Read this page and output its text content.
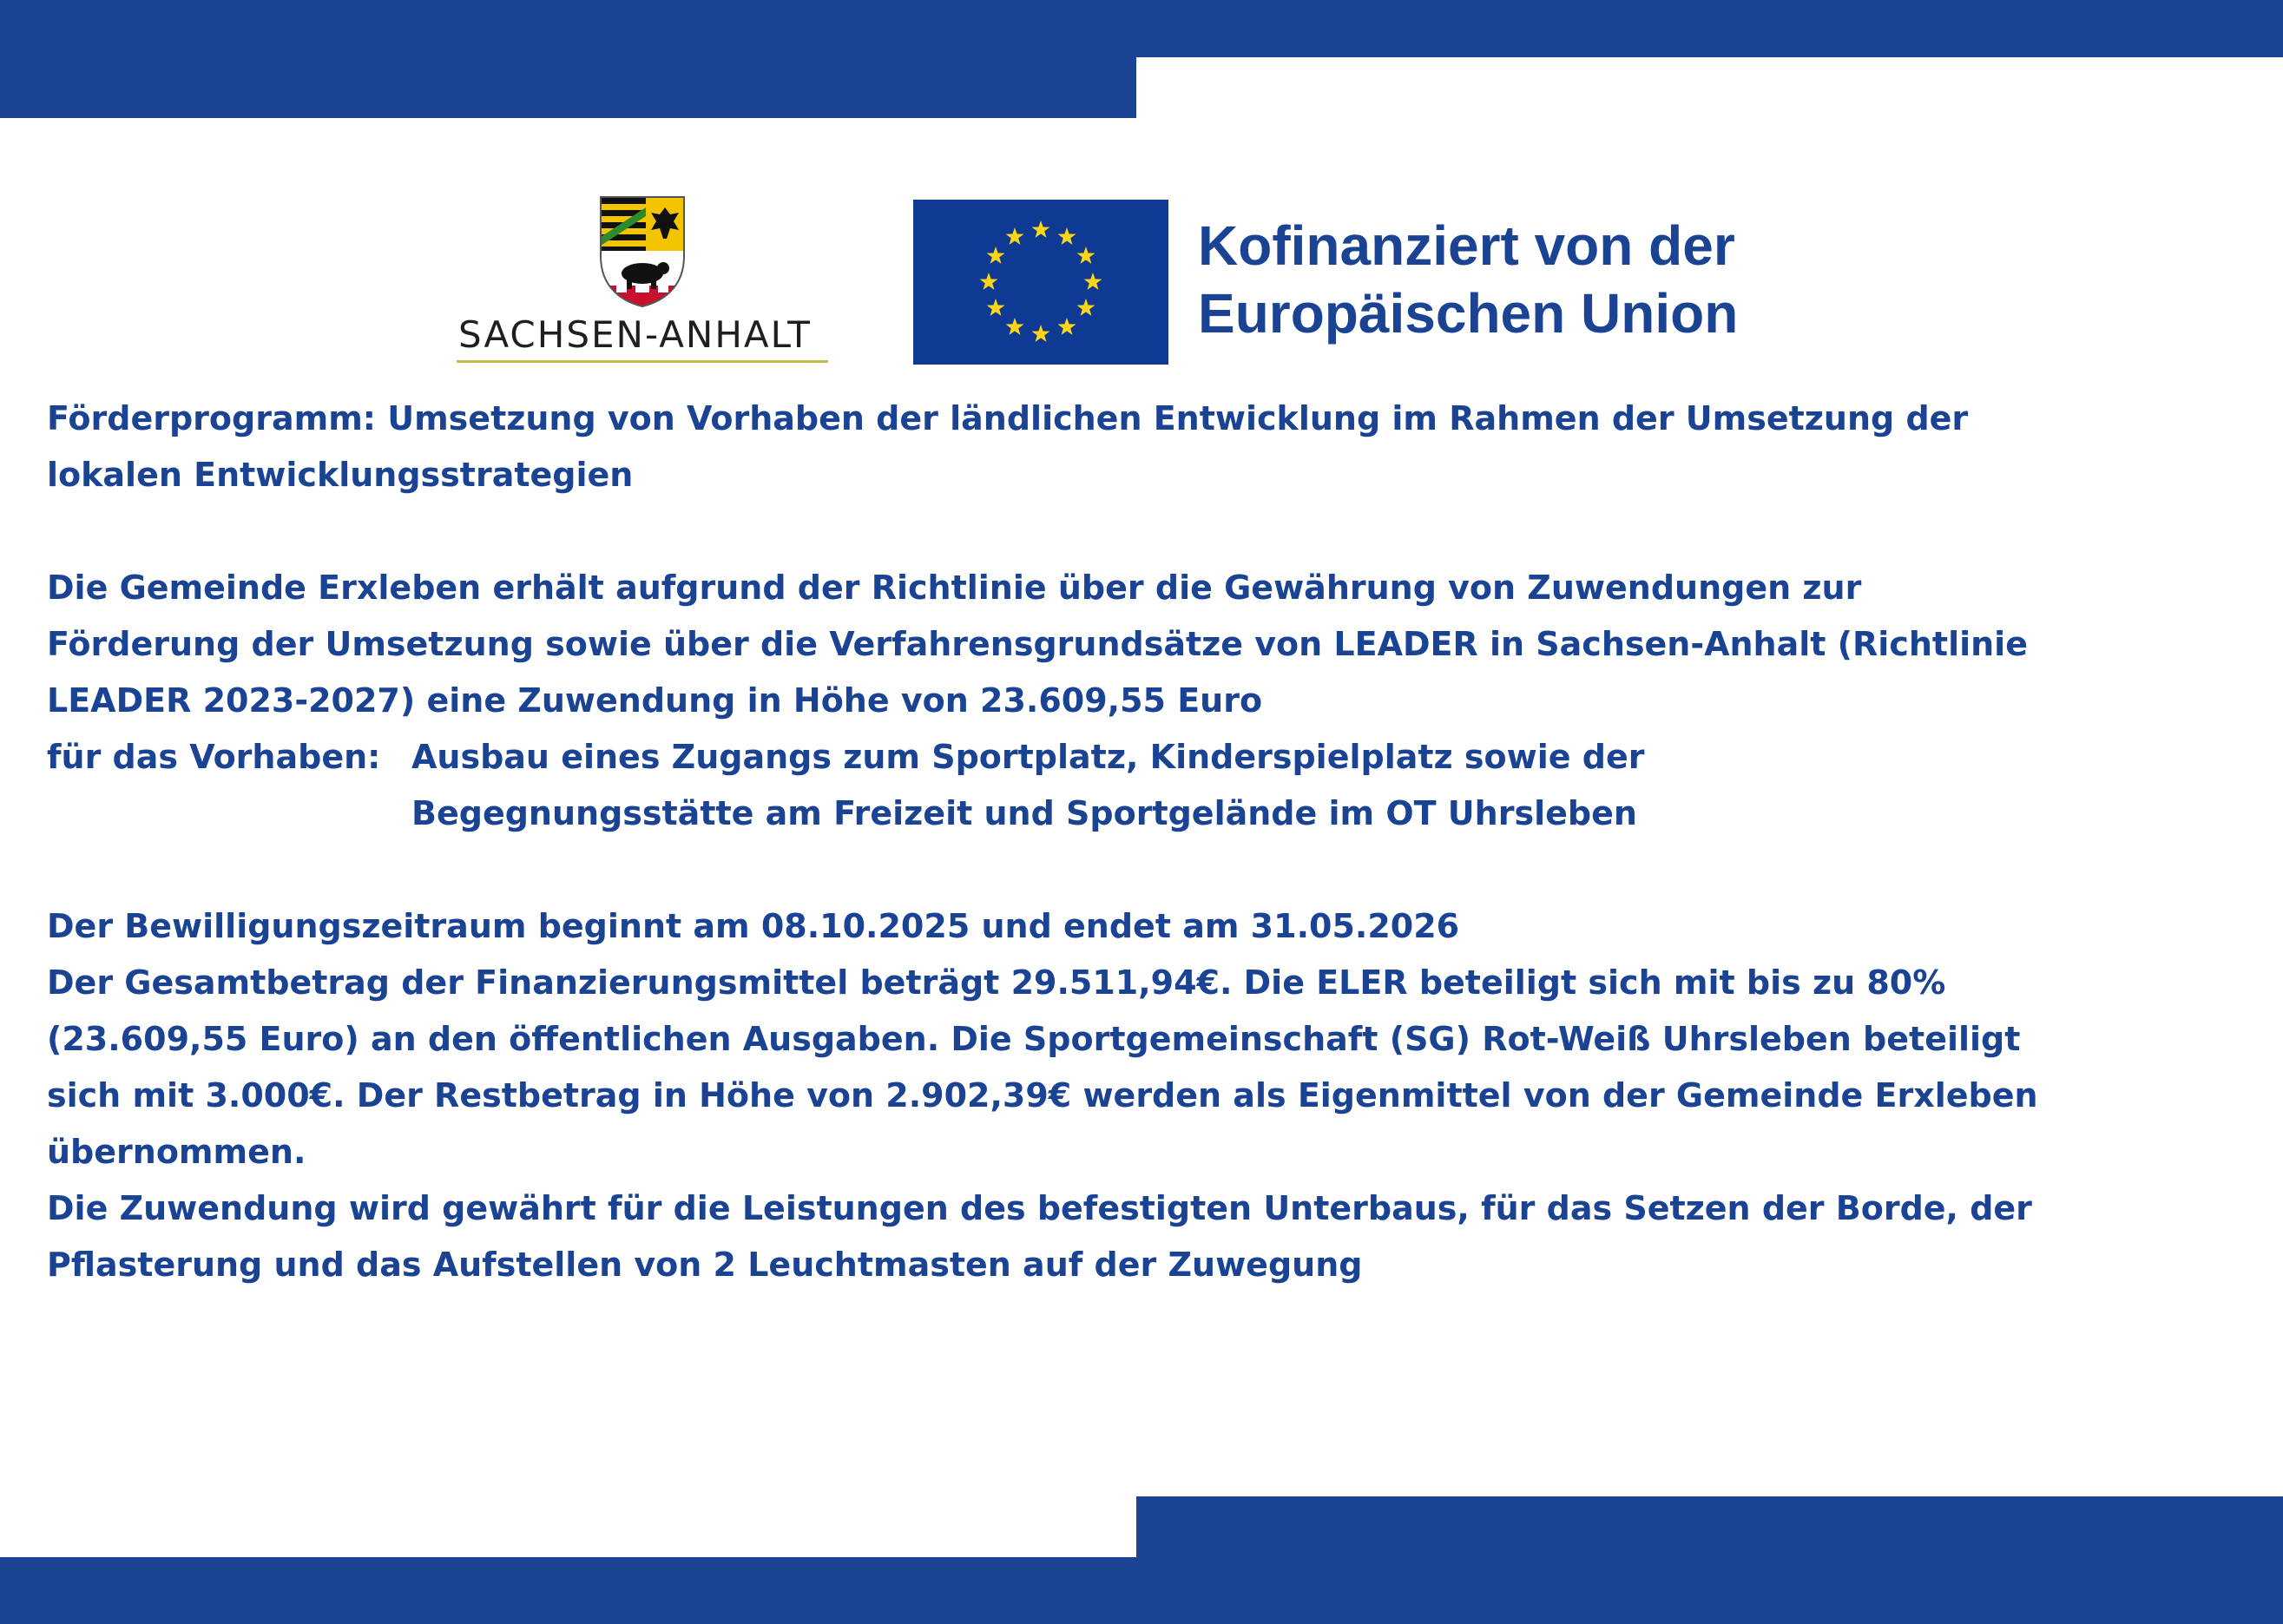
SACHSEN-ANHALT
Kofinanziert von der
Europäischen Union
Förderprogramm: Umsetzung von Vorhaben der ländlichen Entwicklung im Rahmen der Umsetzung der
lokalen Entwicklungsstrategien
Die Gemeinde Erxleben erhält aufgrund der Richtlinie über die Gewährung von Zuwendungen zur
Förderung der Umsetzung sowie über die Verfahrensgrundsätze von LEADER in Sachsen-Anhalt (Richtlinie
LEADER 2023-2027) eine Zuwendung in Höhe von 23.609,55 Euro
für das Vorhaben: Ausbau eines Zugangs zum Sportplatz, Kinderspielplatz sowie der
Begegnungsstätte am Freizeit und Sportgelände im OT Uhrsleben
Der Bewilligungszeitraum beginnt am 08.10.2025 und endet am 31.05.2026
Der Gesamtbetrag der Finanzierungsmittel beträgt 29.511,94€. Die ELER beteiligt sich mit bis zu 80%
(23.609,55 Euro) an den öffentlichen Ausgaben. Die Sportgemeinschaft (SG) Rot-Weiß Uhrsleben beteiligt
sich mit 3.000€. Der Restbetrag in Höhe von 2.902,39€ werden als Eigenmittel von der Gemeinde Erxleben
übernommen.
Die Zuwendung wird gewährt für die Leistungen des befestigten Unterbaus, für das Setzen der Borde, der
Pflasterung und das Aufstellen von 2 Leuchtmasten auf der Zuwegung
